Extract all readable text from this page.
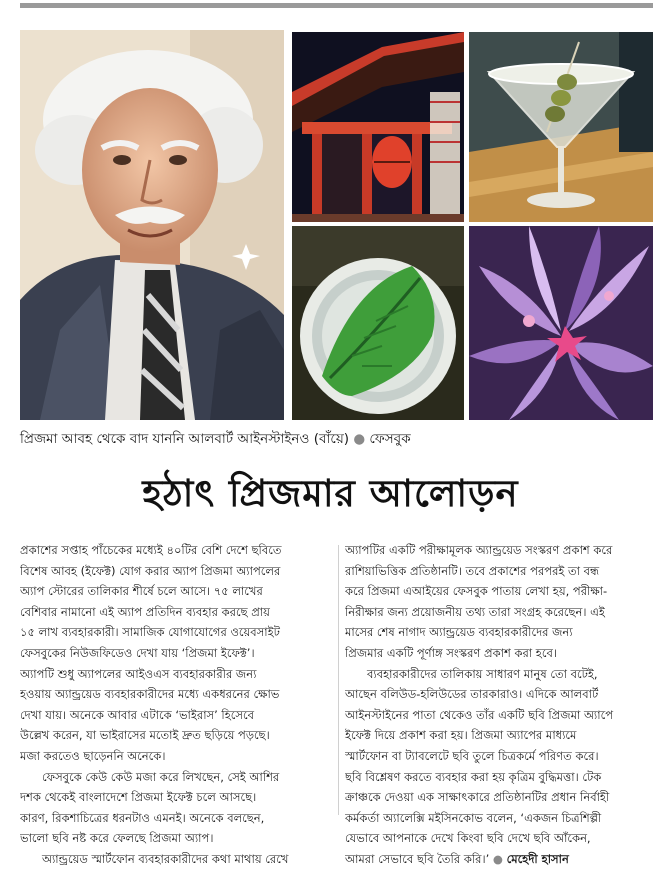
প্রিজমা আবহ থেকে বাদ যাননি আলবার্ট আইনস্টাইনও (বাঁয়ে) ● ফেসবুক
হঠাৎ প্রিজমার আলোড়ন

প্রকাশের সপ্তাহ পাঁচেকের মধ্যেই ৪০টির বেশি দেশে ছবিতে

বিশেষ আবহ (ইফেক্ট) যোগ করার অ্যাপ প্রিজমা অ্যাপলের

অ্যাপ স্টোরের তালিকার শীর্ষে চলে আসে। ৭৫ লাখের

বেশিবার নামানো এই অ্যাপ প্রতিদিন ব্যবহার করছে প্রায়

১৫ লাখ ব্যবহারকারী। সামাজিক যোগাযোগের ওয়েবসাইট

ফেসবুকের নিউজফিডেও দেখা যায় ‘প্রিজমা ইফেক্ট’।

অ্যাপটি শুধু অ্যাপলের আইওএস ব্যবহারকারীর জন্য

হওয়ায় অ্যান্ড্রয়েড ব্যবহারকারীদের মধ্যে একধরনের ক্ষোভ

দেখা যায়। অনেকে আবার এটাকে ‘ভাইরাস’ হিসেবে

উল্লেখ করেন, যা ভাইরাসের মতোই দ্রুত ছড়িয়ে পড়ছে।

মজা করতেও ছাড়েননি অনেকে।

ফেসবুকে কেউ কেউ মজা করে লিখছেন, সেই আশির

দশক থেকেই বাংলাদেশে প্রিজমা ইফেক্ট চলে আসছে।

কারণ, রিকশাচিত্রের ধরনটাও এমনই। অনেকে বলছেন,

ভালো ছবি নষ্ট করে ফেলছে প্রিজমা অ্যাপ।

অ্যান্ড্রয়েড স্মার্টফোন ব্যবহারকারীদের কথা মাথায় রেখে

অ্যাপটির একটি পরীক্ষামূলক অ্যান্ড্রয়েড সংস্করণ প্রকাশ করে

রাশিয়াভিত্তিক প্রতিষ্ঠানটি। তবে প্রকাশের পরপরই তা বন্ধ

করে প্রিজমা এআইয়ের ফেসবুক পাতায় লেখা হয়, পরীক্ষা-

নিরীক্ষার জন্য প্রয়োজনীয় তথ্য তারা সংগ্রহ করেছেন। এই

মাসের শেষ নাগাদ অ্যান্ড্রয়েড ব্যবহারকারীদের জন্য

প্রিজমার একটি পূর্ণাঙ্গ সংস্করণ প্রকাশ করা হবে।

ব্যবহারকারীদের তালিকায় সাধারণ মানুষ তো বটেই,

আছেন বলিউড-হলিউডের তারকারাও। এদিকে আলবার্ট

আইনস্টাইনের পাতা থেকেও তাঁর একটি ছবি প্রিজমা অ্যাপে

ইফেক্ট দিয়ে প্রকাশ করা হয়। প্রিজমা অ্যাপের মাধ্যমে

স্মার্টফোন বা ট্যাবলেটে ছবি তুলে চিত্রকর্মে পরিণত করে।

ছবি বিশ্লেষণ করতে ব্যবহার করা হয় কৃত্রিম বুদ্ধিমত্তা। টেক

ক্রাঞ্চকে দেওয়া এক সাক্ষাৎকারে প্রতিষ্ঠানটির প্রধান নির্বাহী

কর্মকর্তা অ্যালেক্সি মইসিনকোভ বলেন, ‘একজন চিত্রশিল্পী

যেভাবে আপনাকে দেখে কিংবা ছবি দেখে ছবি আঁকেন,

আমরা সেভাবে ছবি তৈরি করি।’ ● মেহেদী হাসান
